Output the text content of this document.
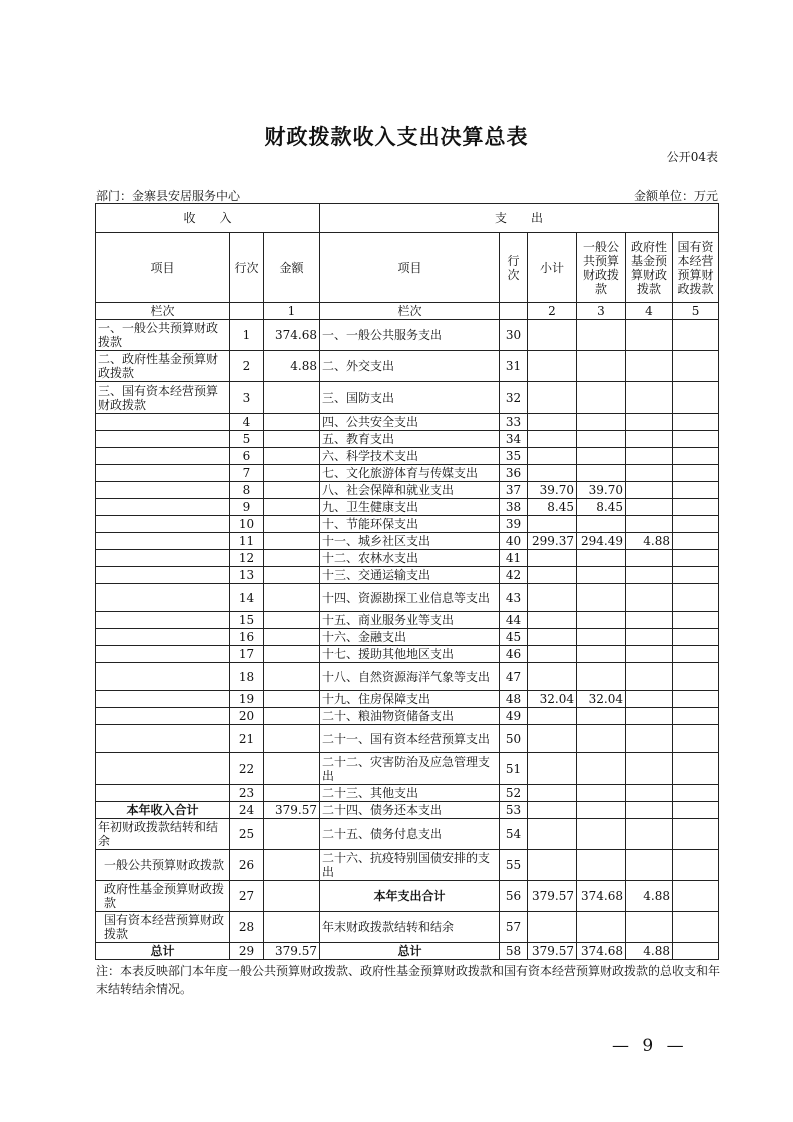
财政拨款收入支出决算总表
公开04表
部门：金寨县安居服务中心	金额单位：万元
收　　入			支　　出					
项目	行次	金额	项目	行次	小计	一般公共预算财政拨款	政府性基金预算财政拨款	国有资本经营预算财政拨款
栏次		1	栏次		2	3	4	5
一、一般公共预算财政拨款	1	374.68	一、一般公共服务支出	30				
二、政府性基金预算财政拨款	2	4.88	二、外交支出	31				
三、国有资本经营预算财政拨款	3		三、国防支出	32				
	4		四、公共安全支出	33				
	5		五、教育支出	34				
	6		六、科学技术支出	35				
	7		七、文化旅游体育与传媒支出	36				
	8		八、社会保障和就业支出	37	39.70	39.70		
	9		九、卫生健康支出	38	8.45	8.45		
	10		十、节能环保支出	39				
	11		十一、城乡社区支出	40	299.37	294.49	4.88	
	12		十二、农林水支出	41				
	13		十三、交通运输支出	42				
	14		十四、资源勘探工业信息等支出	43				
	15		十五、商业服务业等支出	44				
	16		十六、金融支出	45				
	17		十七、援助其他地区支出	46				
	18		十八、自然资源海洋气象等支出	47				
	19		十九、住房保障支出	48	32.04	32.04		
	20		二十、粮油物资储备支出	49				
	21		二十一、国有资本经营预算支出	50				
	22		二十二、灾害防治及应急管理支出	51				
	23		二十三、其他支出	52				
本年收入合计	24	379.57	二十四、债务还本支出	53				
年初财政拨款结转和结余	25		二十五、债务付息支出	54				
一般公共预算财政拨款	26		二十六、抗疫特别国债安排的支出	55				
政府性基金预算财政拨款	27		本年支出合计	56	379.57	374.68	4.88	
国有资本经营预算财政拨款	28		年末财政拨款结转和结余	57				
总计	29	379.57	总计	58	379.57	374.68	4.88	
注：本表反映部门本年度一般公共预算财政拨款、政府性基金预算财政拨款和国有资本经营预算财政拨款的总收支和年末结转结余情况。
— 9 —
